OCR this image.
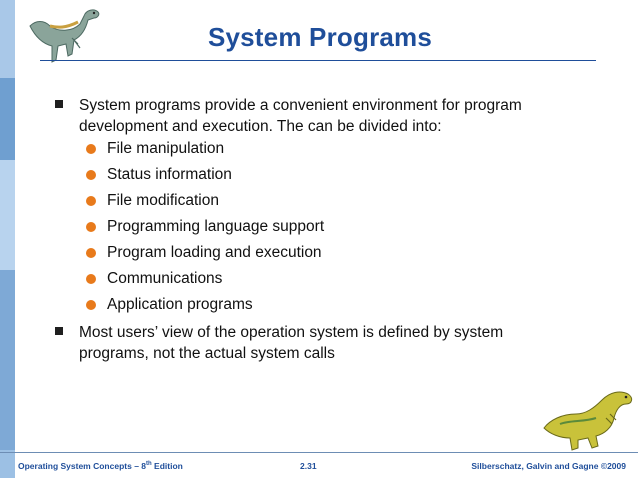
System Programs
System programs provide a convenient environment for program development and execution. The can be divided into:
File manipulation
Status information
File modification
Programming language support
Program loading and execution
Communications
Application programs
Most users’ view of the operation system is defined by system programs, not the actual system calls
Operating System Concepts – 8th Edition	2.31	Silberschatz, Galvin and Gagne ©2009
